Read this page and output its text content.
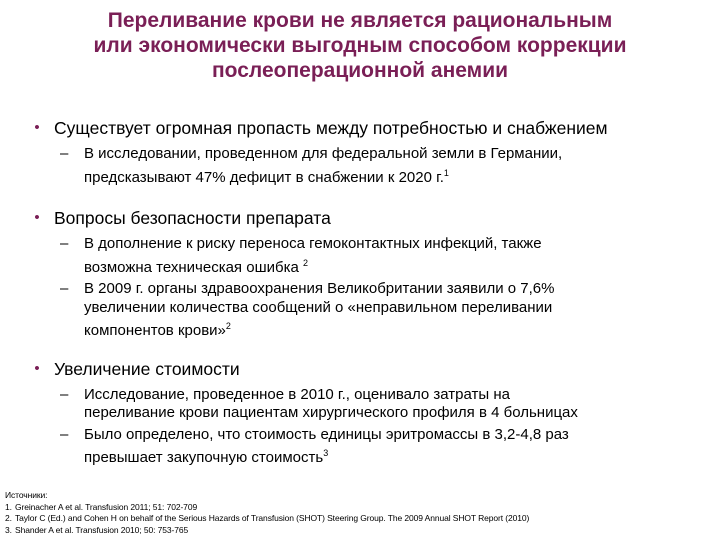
Переливание крови не является рациональным
или экономически выгодным способом коррекции
послеоперационной анемии
• Существует огромная пропасть между потребностью и снабжением
– В исследовании, проведенном для федеральной земли в Германии,
предсказывают 47% дефицит в снабжении к 2020 г.$^1$
• Вопросы безопасности препарата
– В дополнение к риску переноса гемоконтактных инфекций, также
возможна техническая ошибка $^2$
– В 2009 г. органы здравоохранения Великобритании заявили о 7,6%
увеличении количества сообщений о «неправильном переливании
компонентов крови»$^2$
• Увеличение стоимости
– Исследование, проведенное в 2010 г., оценивало затраты на
переливание крови пациентам хирургического профиля в 4 больницах
– Было определено, что стоимость единицы эритромассы в 3,2-4,8 раз
превышает закупочную стоимость$^3$
Источники:
1. Greinacher A et al. Transfusion 2011; 51: 702-709
2. Taylor C (Ed.) and Cohen H on behalf of the Serious Hazards of Transfusion (SHOT) Steering Group. The 2009 Annual SHOT Report (2010)
3. Shander A et al. Transfusion 2010; 50: 753-765
